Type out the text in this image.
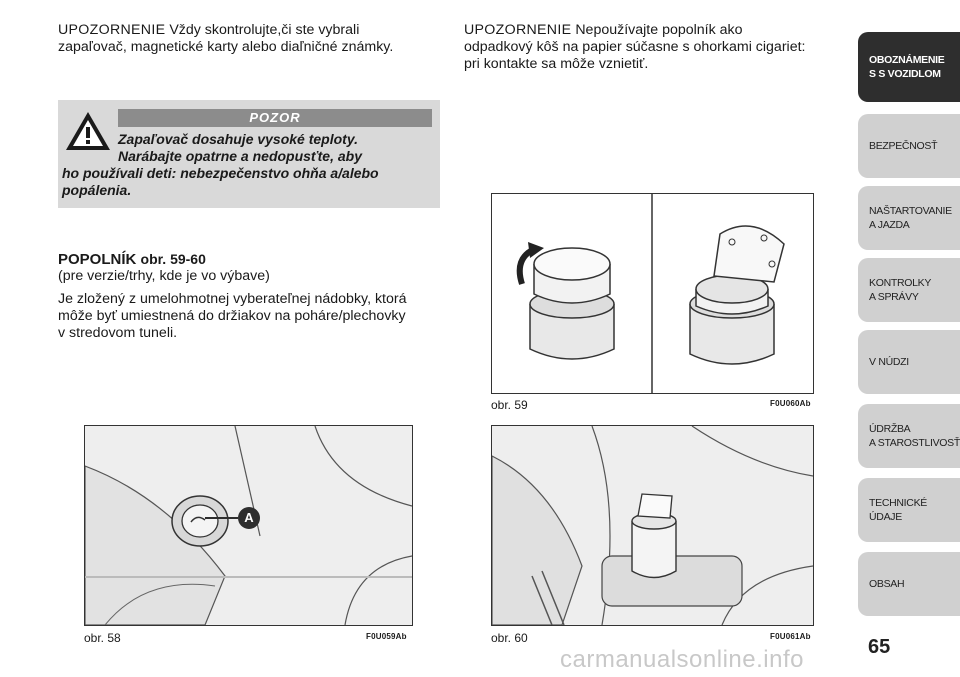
UPOZORNENIE Vždy skontrolujte,či ste vybrali
zapaľovač, magnetické karty alebo diaľničné známky.
POZOR
Zapaľovač dosahuje vysoké teploty.
Narábajte opatrne a nedopusťte, aby
ho používali deti: nebezpečenstvo ohňa a/alebo
popálenia.
POPOLNÍK obr. 59-60
(pre verzie/trhy, kde je vo výbave)
Je zložený z umelohmotnej vyberateľnej nádobky, ktorá
môže byť umiestnená do držiakov na poháre/plechovky
v stredovom tuneli.
A
obr. 58	F0U059Ab
UPOZORNENIE Nepoužívajte popolník ako
odpadkový kôš na papier súčasne s ohorkami cigariet:
pri kontakte sa môže vznietiť.
obr. 59	F0U060Ab
obr. 60	F0U061Ab
OBOZNÁMENIE
S S VOZIDLOM
BEZPEČNOSŤ
NAŠTARTOVANIE
A JAZDA
KONTROLKY
A SPRÁVY
V NÚDZI
ÚDRŽBA
A STAROSTLIVOSŤ
TECHNICKÉ
ÚDAJE
OBSAH
65
carmanualsonline.info
